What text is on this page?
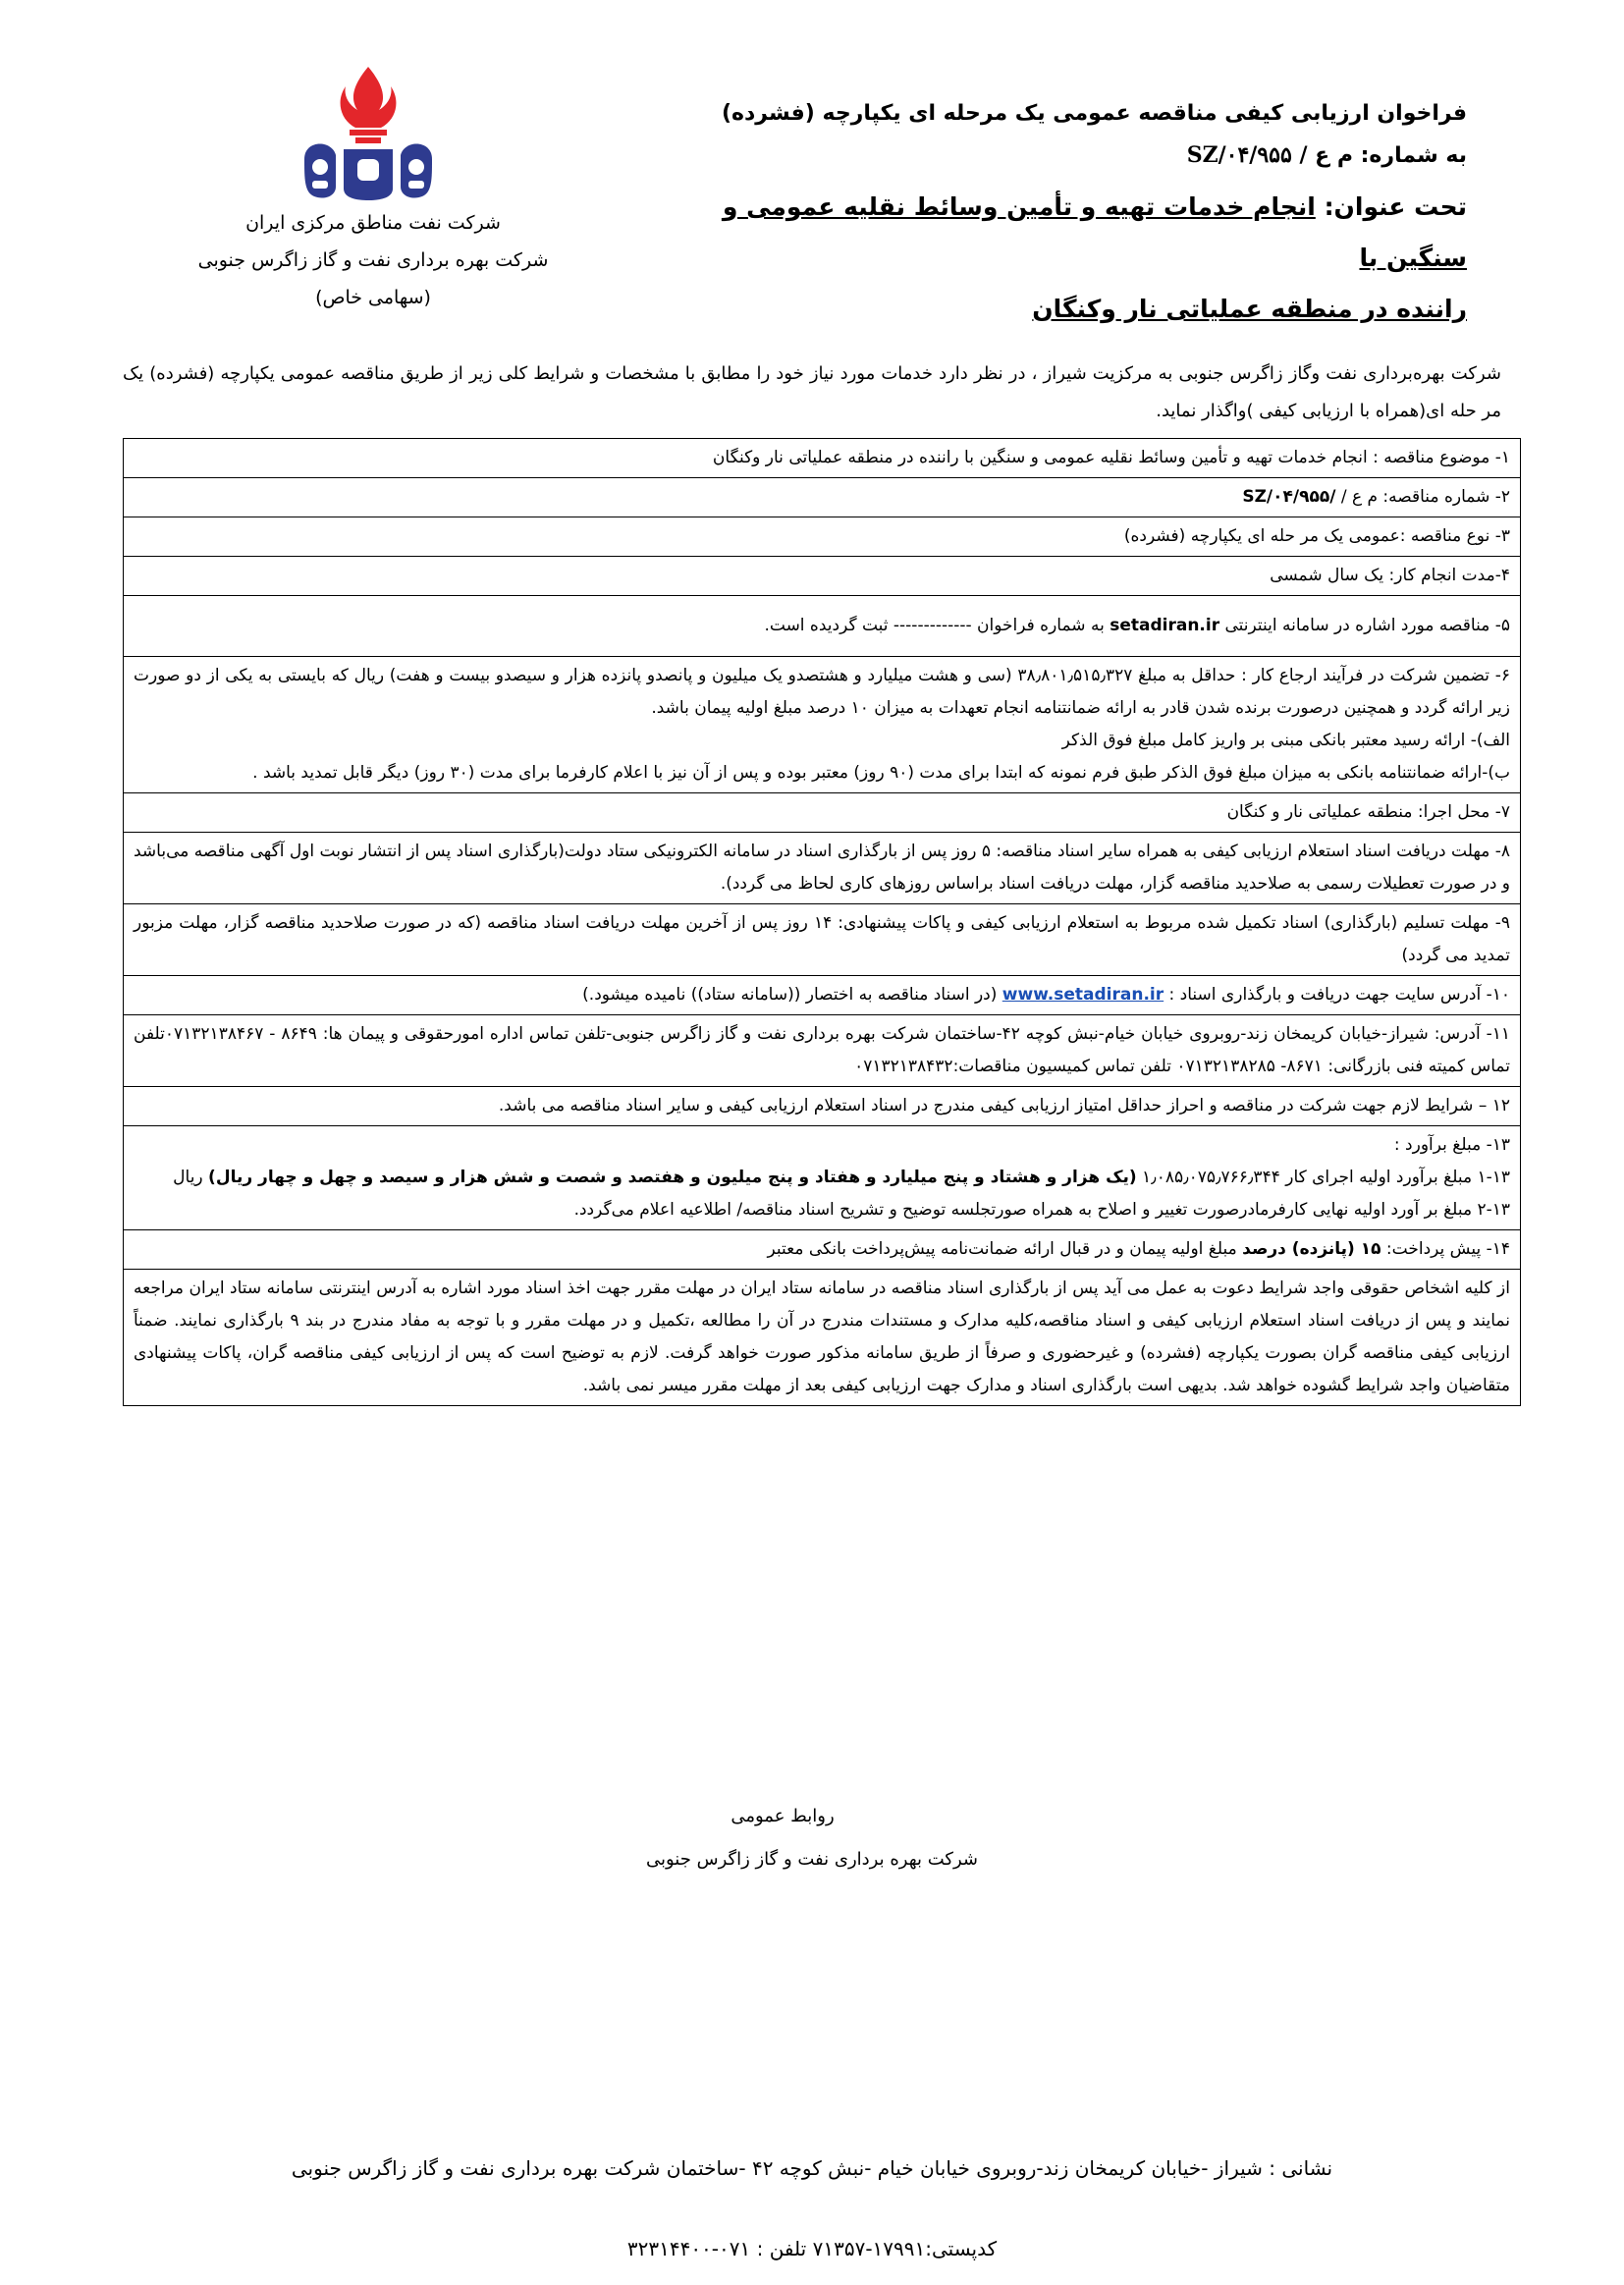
شرکت نفت مناطق مرکزی ایران
شرکت بهره برداری نفت و گاز زاگرس جنوبی
(سهامی خاص)
فراخوان ارزیابی کیفی مناقصه عمومی یک مرحله ای یکپارچه (فشرده)
به شماره: م ع / SZ/۰۴/۹۵۵
تحت عنوان: انجام خدمات تهیه و تأمین وسائط نقلیه عمومی و سنگین با
راننده در منطقه عملیاتی نار وکنگان
شرکت بهره‌برداری نفت وگاز زاگرس جنوبی به مرکزیت شیراز ، در نظر دارد خدمات مورد نیاز خود را مطابق با مشخصات و شرایط کلی زیر از طریق مناقصه عمومی یکپارچه (فشرده) یک مر حله ای(همراه با ارزیابی کیفی )واگذار نماید.
۱- موضوع مناقصه : انجام خدمات تهیه و تأمین وسائط نقلیه عمومی و سنگین با راننده در منطقه عملیاتی نار وکنگان
۲- شماره مناقصه: م ع / SZ/۰۴/۹۵۵/
۳- نوع مناقصه :عمومی یک مر حله ای یکپارچه (فشرده)
۴-مدت انجام کار: یک سال شمسی
۵- مناقصه مورد اشاره در سامانه اینترنتی setadiran.ir به شماره فراخوان ------------- ثبت گردیده است.

۶- تضمین شرکت در فرآیند ارجاع کار : حداقل به مبلغ ۳۸٫۸۰۱٫۵۱۵٫۳۲۷ (سی و هشت میلیارد و هشتصدو یک میلیون و پانصدو پانزده هزار و سیصدو بیست و هفت) ریال که بایستی به یکی از دو صورت زیر ارائه گردد و همچنین درصورت برنده شدن قادر به ارائه ضمانتنامه انجام تعهدات به میزان ۱۰ درصد مبلغ اولیه پیمان باشد.

الف)- ارائه رسید معتبر بانکی مبنی بر واریز کامل مبلغ فوق الذکر

ب)-ارائه ضمانتنامه بانکی به میزان مبلغ فوق الذکر طبق فرم نمونه که ابتدا برای مدت (۹۰ روز) معتبر بوده و پس از آن نیز با اعلام کارفرما برای مدت (۳۰ روز) دیگر قابل تمدید باشد .

۷- محل اجرا: منطقه عملیاتی نار و کنگان
۸- مهلت دریافت اسناد استعلام ارزیابی کیفی به همراه سایر اسناد مناقصه: ۵ روز پس از بارگذاری اسناد در سامانه الکترونیکی ستاد دولت(بارگذاری اسناد پس از انتشار نوبت اول آگهی مناقصه می‌باشد و در صورت تعطیلات رسمی به صلاحدید مناقصه گزار، مهلت دریافت اسناد براساس روزهای کاری لحاظ می گردد).
۹- مهلت تسلیم (بارگذاری) اسناد تکمیل شده مربوط به استعلام ارزیابی کیفی و پاکات پیشنهادی: ۱۴ روز پس از آخرین مهلت دریافت اسناد مناقصه (که در صورت صلاحدید مناقصه گزار، مهلت مزبور تمدید می گردد)
۱۰- آدرس سایت جهت دریافت و بارگذاری اسناد : www.setadiran.ir (در اسناد مناقصه به اختصار ((سامانه ستاد)) نامیده میشود.)
۱۱- آدرس: شیراز-خیابان کریمخان زند-روبروی خیابان خیام-نبش کوچه ۴۲-ساختمان شرکت بهره برداری نفت و گاز زاگرس جنوبی-تلفن تماس اداره امورحقوقی و پیمان ها: ۸۶۴۹ - ۰۷۱۳۲۱۳۸۴۶۷تلفن تماس کمیته فنی بازرگانی: ۸۶۷۱- ۰۷۱۳۲۱۳۸۲۸۵ تلفن تماس کمیسیون مناقصات:۰۷۱۳۲۱۳۸۴۳۲
۱۲ – شرایط لازم جهت شرکت در مناقصه و احراز حداقل امتیاز ارزیابی کیفی مندرج در اسناد استعلام ارزیابی کیفی و سایر اسناد مناقصه می باشد.

۱۳- مبلغ برآورد :

۱-۱۳ مبلغ برآورد اولیه اجرای کار ۱٫۰۸۵٫۰۷۵٫۷۶۶٫۳۴۴ (یک هزار و هشتاد و پنج میلیارد و هفتاد و پنج میلیون و هفتصد و شصت و شش هزار و سیصد و چهل و چهار ریال) ریال

۲-۱۳ مبلغ بر آورد اولیه نهایی کارفرمادرصورت تغییر و اصلاح به همراه صورتجلسه توضیح و تشریح اسناد مناقصه/ اطلاعیه اعلام می‌گردد.

۱۴- پیش پرداخت: ۱۵ (پانزده) درصد مبلغ اولیه پیمان و در قبال ارائه ضمانت‌نامه پیش‌پرداخت بانکی معتبر
از کلیه اشخاص حقوقی واجد شرایط دعوت به عمل می آید پس از بارگذاری اسناد مناقصه در سامانه ستاد ایران در مهلت مقرر جهت اخذ اسناد مورد اشاره به آدرس اینترنتی سامانه ستاد ایران مراجعه نمایند و پس از دریافت اسناد استعلام ارزیابی کیفی و اسناد مناقصه،کلیه مدارک و مستندات مندرج در آن را مطالعه ،تکمیل و در مهلت مقرر و با توجه به مفاد مندرج در بند ۹ بارگذاری نمایند. ضمناً ارزیابی کیفی مناقصه گران بصورت یکپارچه (فشرده) و غیرحضوری و صرفاً از طریق سامانه مذکور صورت خواهد گرفت. لازم به توضیح است که پس از ارزیابی کیفی مناقصه گران، پاکات پیشنهادی متقاضیان واجد شرایط گشوده خواهد شد. بدیهی است بارگذاری اسناد و مدارک جهت ارزیابی کیفی بعد از مهلت مقرر میسر نمی باشد.
روابط عمومی
شرکت بهره برداری نفت و گاز زاگرس جنوبی
نشانی : شیراز -خیابان کریمخان زند-روبروی خیابان خیام -نبش کوچه ۴۲ -ساختمان شرکت بهره برداری نفت و گاز زاگرس جنوبی
کدپستی:۱۷۹۹۱-۷۱۳۵۷ تلفن : ۰۷۱-۳۲۳۱۴۴۰۰
